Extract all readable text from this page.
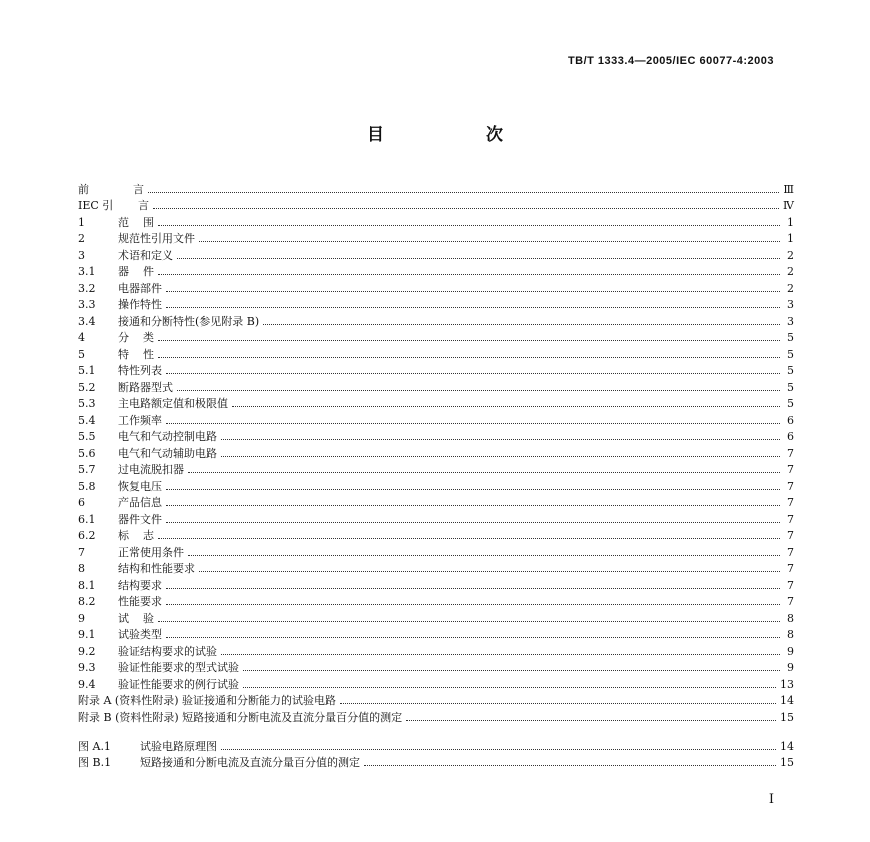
TB/T 1333.4—2005/IEC 60077-4:2003
目 次
前	言	Ⅲ
IEC 引	言	Ⅳ
1	范    围	1
2	规范性引用文件	1
3	术语和定义	2
3.1	器    件	2
3.2	电器部件	2
3.3	操作特性	3
3.4	接通和分断特性(参见附录 B)	3
4	分    类	5
5	特    性	5
5.1	特性列表	5
5.2	断路器型式	5
5.3	主电路额定值和极限值	5
5.4	工作频率	6
5.5	电气和气动控制电路	6
5.6	电气和气动辅助电路	7
5.7	过电流脱扣器	7
5.8	恢复电压	7
6	产品信息	7
6.1	器件文件	7
6.2	标    志	7
7	正常使用条件	7
8	结构和性能要求	7
8.1	结构要求	7
8.2	性能要求	7
9	试    验	8
9.1	试验类型	8
9.2	验证结构要求的试验	9
9.3	验证性能要求的型式试验	9
9.4	验证性能要求的例行试验	13
附录 A (资料性附录) 验证接通和分断能力的试验电路	14
附录 B (资料性附录) 短路接通和分断电流及直流分量百分值的测定	15
图 A.1	试验电路原理图	14
图 B.1	短路接通和分断电流及直流分量百分值的测定	15
I
